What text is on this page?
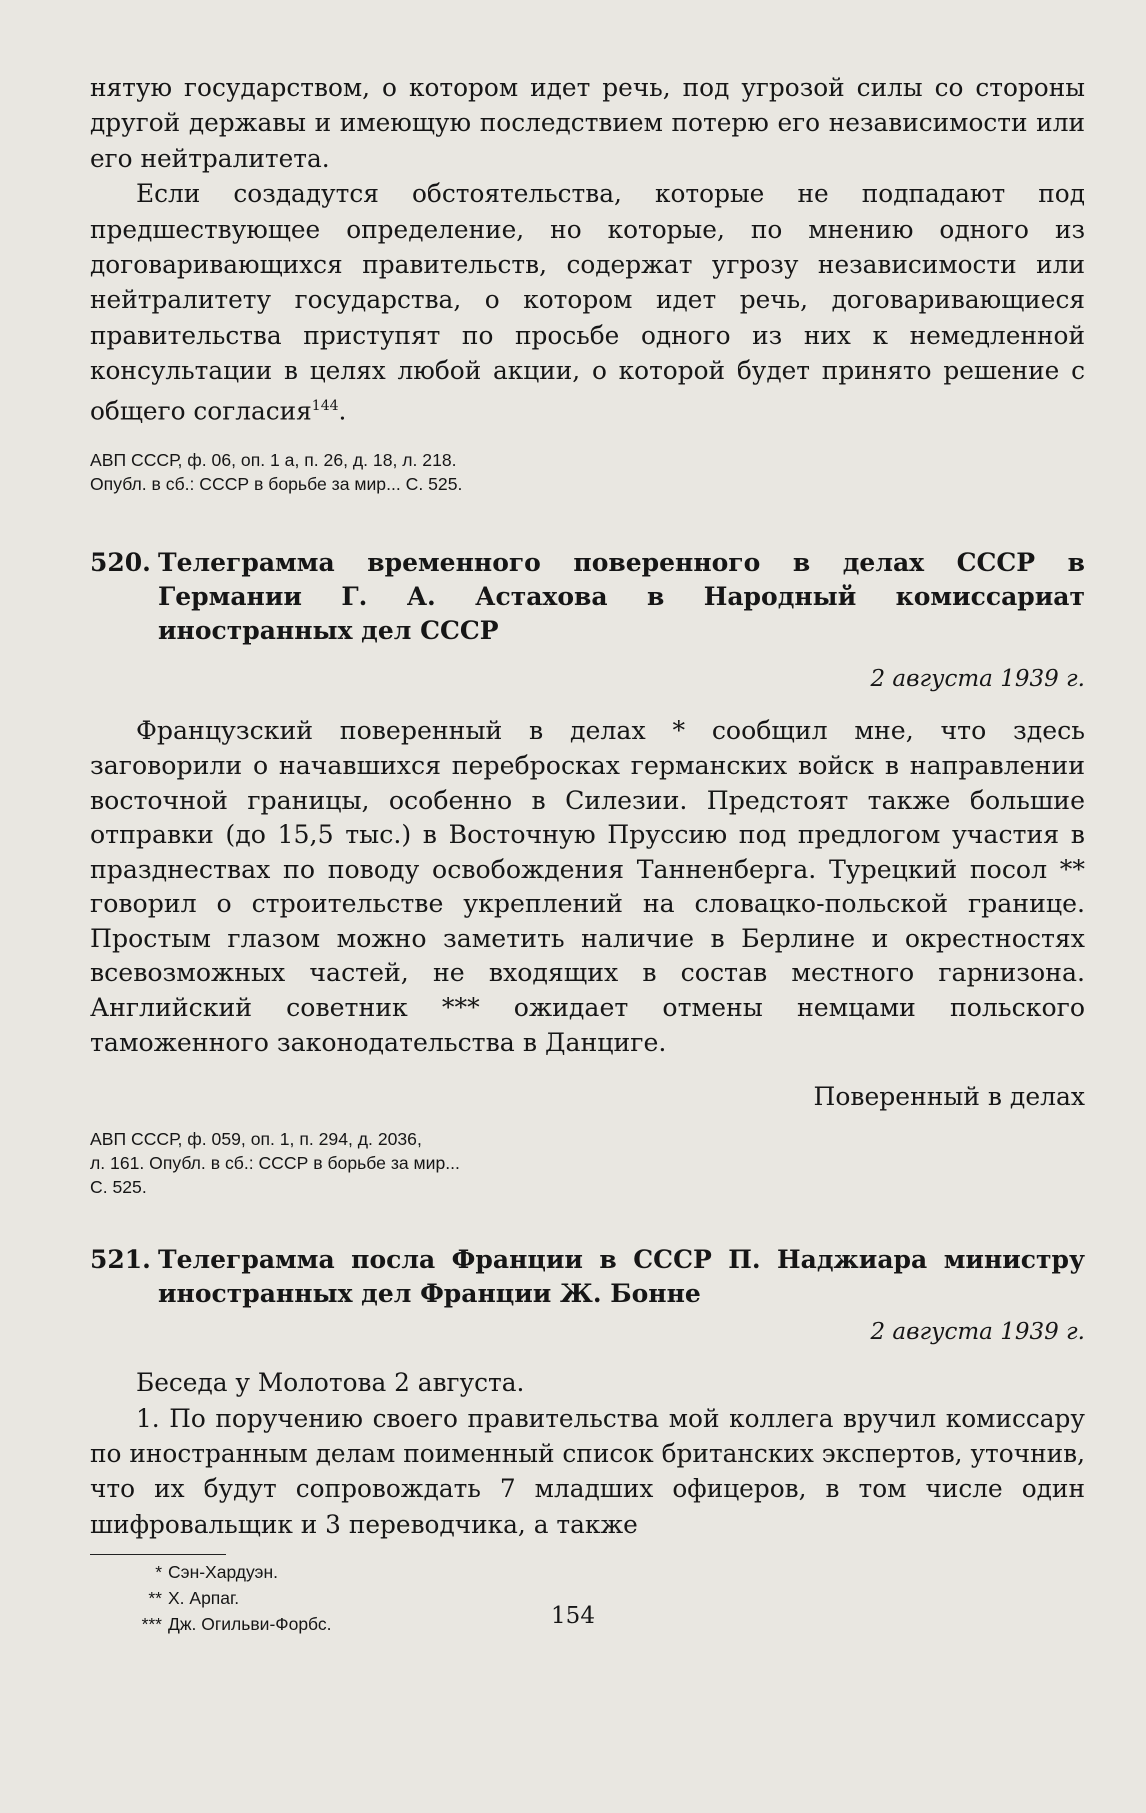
нятую государством, о котором идет речь, под угрозой силы со стороны другой державы и имеющую последствием потерю его независимости или его нейтралитета.

Если создадутся обстоятельства, которые не подпадают под предшествующее определение, но которые, по мнению одного из договаривающихся правительств, содержат угрозу независимости или нейтралитету государства, о котором идет речь, договаривающиеся правительства приступят по просьбе одного из них к немедленной консультации в целях любой акции, о которой будет принято решение с общего согласия$^{144}$.

АВП СССР, ф. 06, оп. 1 а, п. 26, д. 18, л. 218.

Опубл. в сб.: СССР в борьбе за мир... С. 525.

520. Телеграмма временного поверенного в делах СССР в Германии Г. А. Астахова в Народный комиссариат иностранных дел СССР

2 августа 1939 г.

Французский поверенный в делах * сообщил мне, что здесь заговорили о начавшихся перебросках германских войск в направлении восточной границы, особенно в Силезии. Предстоят также большие отправки (до 15,5 тыс.) в Восточную Пруссию под предлогом участия в празднествах по поводу освобождения Танненберга. Турецкий посол ** говорил о строительстве укреплений на словацко-польской границе. Простым глазом можно заметить наличие в Берлине и окрестностях всевозможных частей, не входящих в состав местного гарнизона. Английский советник *** ожидает отмены немцами польского таможенного законодательства в Данциге.

Поверенный в делах

АВП СССР, ф. 059, оп. 1, п. 294, д. 2036,

л. 161. Опубл. в сб.: СССР в борьбе за мир...

С. 525.

521. Телеграмма посла Франции в СССР П. Наджиара министру иностранных дел Франции Ж. Бонне

2 августа 1939 г.

Беседа у Молотова 2 августа.

1. По поручению своего правительства мой коллега вручил комиссару по иностранным делам поименный список британских экспертов, уточнив, что их будут сопровождать 7 младших офицеров, в том числе один шифровальщик и 3 переводчика, а также

* Сэн-Хардуэн.

** Х. Арпаг.

*** Дж. Огильви-Форбс.	154
